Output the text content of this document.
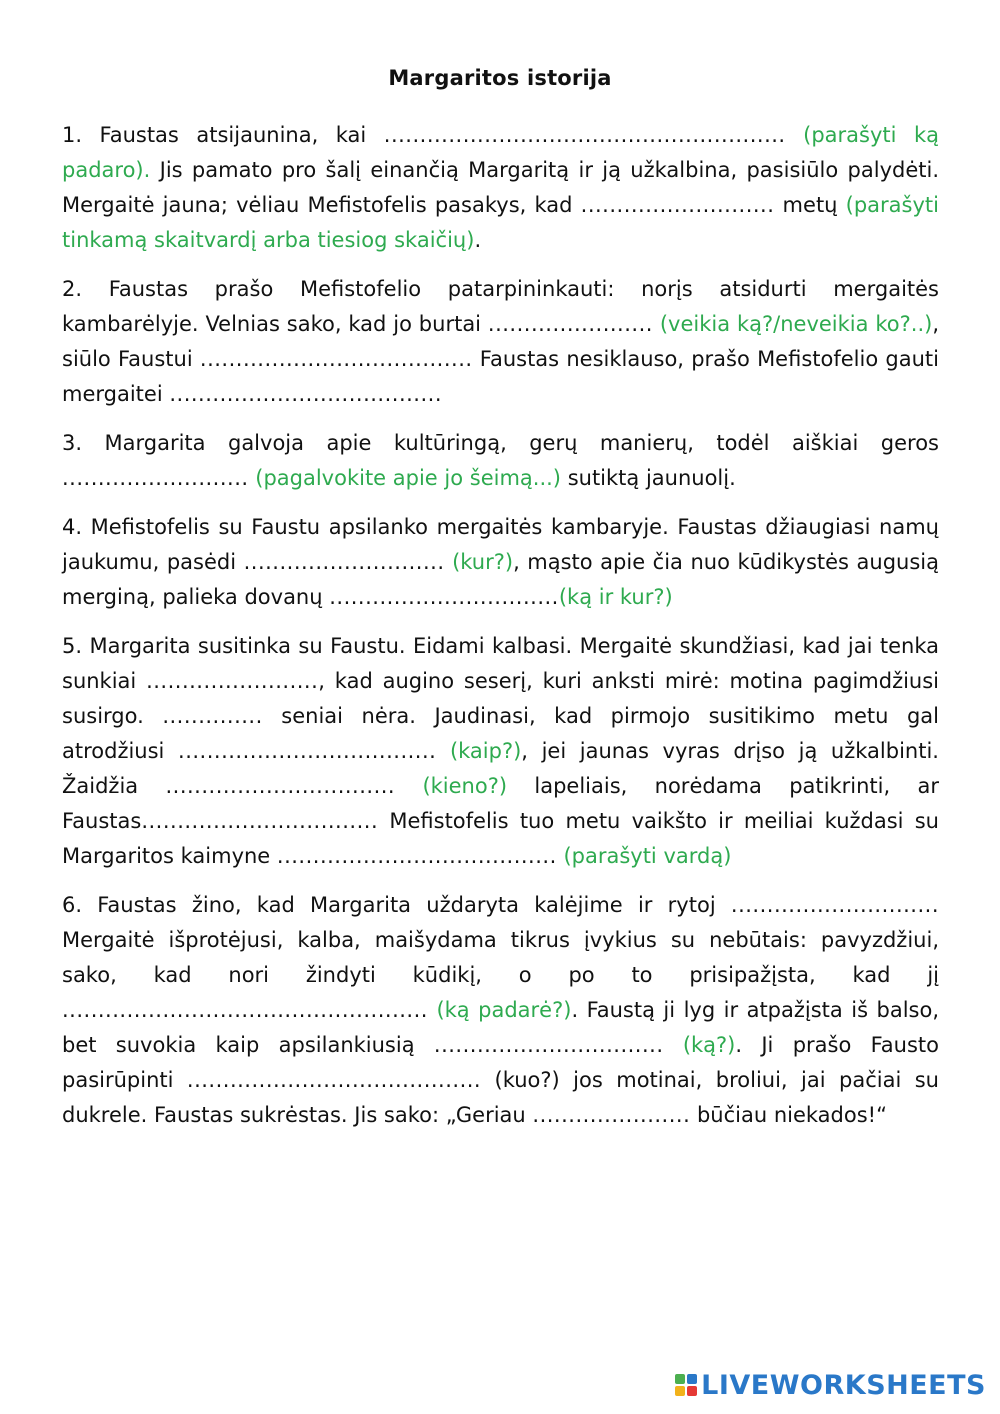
Margaritos istorija

1. Faustas atsijaunina, kai ........................................................ (parašyti ką padaro). Jis pamato pro šalį einančią Margaritą ir ją užkalbina, pasisiūlo palydėti. Mergaitė jauna; vėliau Mefistofelis pasakys, kad ........................... metų (parašyti tinkamą skaitvardį arba tiesiog skaičių).

2. Faustas prašo Mefistofelio patarpininkauti: norįs atsidurti mergaitės kambarėlyje. Velnias sako, kad jo burtai ....................... (veikia ką?/neveikia ko?..), siūlo Faustui ...................................... Faustas nesiklauso, prašo Mefistofelio gauti mergaitei ......................................

3. Margarita galvoja apie kultūringą, gerų manierų, todėl aiškiai geros .......................... (pagalvokite apie jo šeimą...) sutiktą jaunuolį.

4. Mefistofelis su Faustu apsilanko mergaitės kambaryje. Faustas džiaugiasi namų jaukumu, pasėdi ............................ (kur?), mąsto apie čia nuo kūdikystės augusią merginą, palieka dovanų ................................(ką ir kur?)

5. Margarita susitinka su Faustu. Eidami kalbasi. Mergaitė skundžiasi, kad jai tenka sunkiai ........................, kad augino seserį, kuri anksti mirė: motina pagimdžiusi susirgo. .............. seniai nėra. Jaudinasi, kad pirmojo susitikimo metu gal atrodžiusi .................................... (kaip?), jei jaunas vyras drįso ją užkalbinti. Žaidžia ................................ (kieno?) lapeliais, norėdama patikrinti, ar Faustas................................. Mefistofelis tuo metu vaikšto ir meiliai kuždasi su Margaritos kaimyne ....................................... (parašyti vardą)

6. Faustas žino, kad Margarita uždaryta kalėjime ir rytoj ............................. Mergaitė išprotėjusi, kalba, maišydama tikrus įvykius su nebūtais: pavyzdžiui, sako, kad nori žindyti kūdikį, o po to prisipažįsta, kad jį ................................................... (ką padarė?). Faustą ji lyg ir atpažįsta iš balso, bet suvokia kaip apsilankiusią ................................ (ką?). Ji prašo Fausto pasirūpinti ......................................... (kuo?) jos motinai, broliui, jai pačiai su dukrele. Faustas sukrėstas. Jis sako: „Geriau ...................... būčiau niekados!“

LIVEWORKSHEETS
